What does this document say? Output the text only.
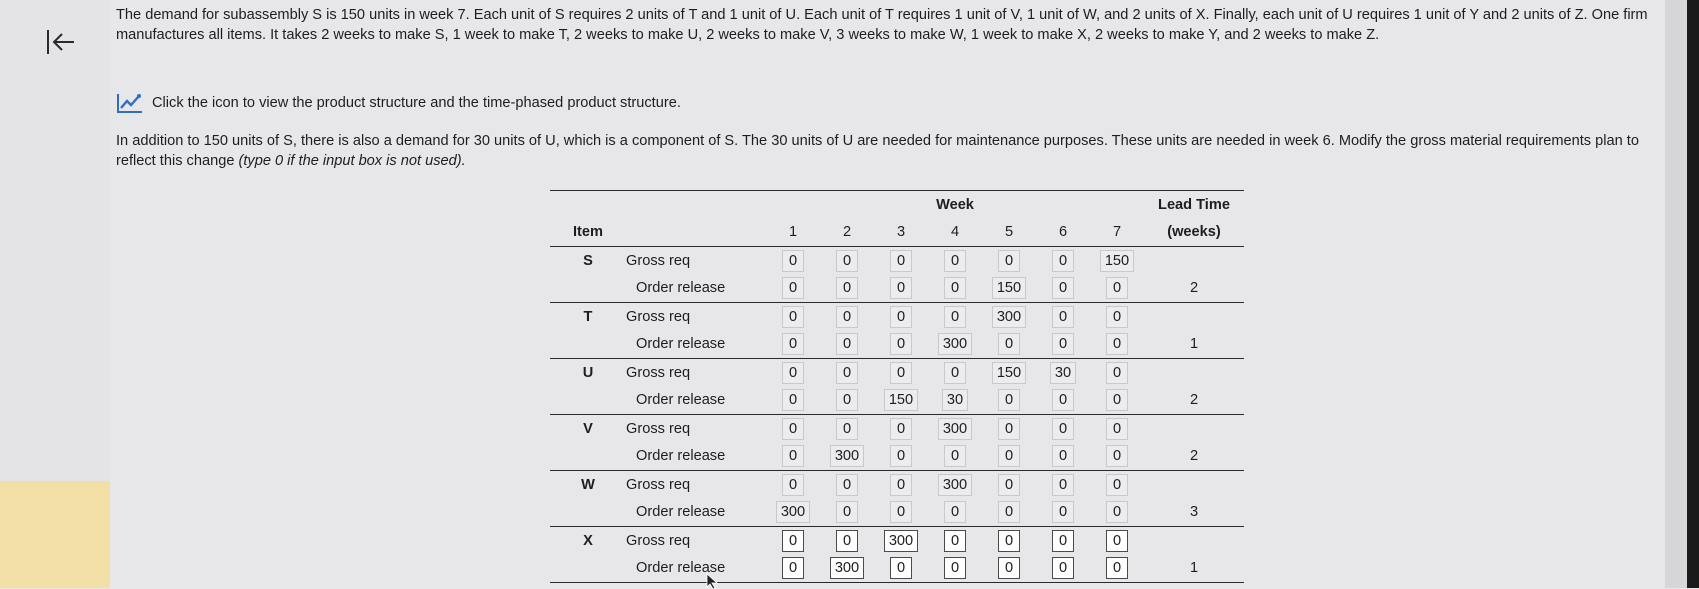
The demand for subassembly S is 150 units in week 7. Each unit of S requires 2 units of T and 1 unit of U. Each unit of T requires 1 unit of V, 1 unit of W, and 2 units of X. Finally, each unit of U requires 1 unit of Y and 2 units of Z. One firm manufactures all items. It takes 2 weeks to make S, 1 week to make T, 2 weeks to make U, 2 weeks to make V, 3 weeks to make W, 1 week to make X, 2 weeks to make Y, and 2 weeks to make Z.
Click the icon to view the product structure and the time-phased product structure.
In addition to 150 units of S, there is also a demand for 30 units of U, which is a component of S. The 30 units of U are needed for maintenance purposes. These units are needed in week 6. Modify the gross material requirements plan to reflect this change (type 0 if the input box is not used).
		Week							Lead Time
Item		1	2	3	4	5	6	7	(weeks)
S	Gross req	0	0	0	0	0	0	150	
	Order release	0	0	0	0	150	0	0	2
T	Gross req	0	0	0	0	300	0	0	
	Order release	0	0	0	300	0	0	0	1
U	Gross req	0	0	0	0	150	30	0	
	Order release	0	0	150	30	0	0	0	2
V	Gross req	0	0	0	300	0	0	0	
	Order release	0	300	0	0	0	0	0	2
W	Gross req	0	0	0	300	0	0	0	
	Order release	300	0	0	0	0	0	0	3
X	Gross req	0	0	300	0	0	0	0	
	Order release	0	300	0	0	0	0	0	1
